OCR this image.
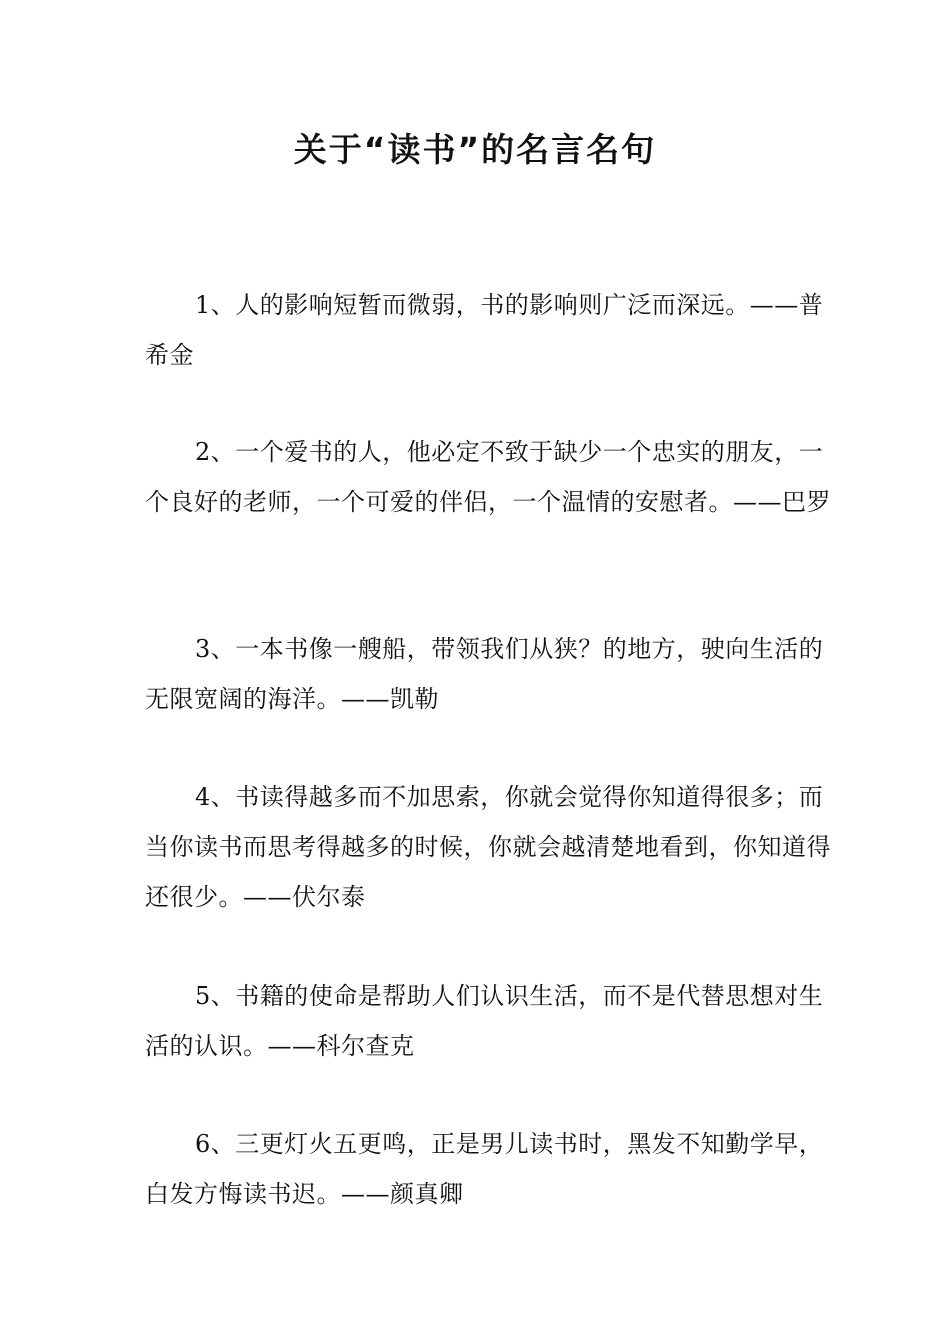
关于“读书”的名言名句

1、人的影响短暂而微弱，书的影响则广泛而深远。——普希金

2、一个爱书的人，他必定不致于缺少一个忠实的朋友，一个良好的老师，一个可爱的伴侣，一个温情的安慰者。——巴罗

3、一本书像一艘船，带领我们从狭？的地方，驶向生活的无限宽阔的海洋。——凯勒

4、书读得越多而不加思索，你就会觉得你知道得很多；而当你读书而思考得越多的时候，你就会越清楚地看到，你知道得还很少。——伏尔泰

5、书籍的使命是帮助人们认识生活，而不是代替思想对生活的认识。——科尔查克

6、三更灯火五更鸣，正是男儿读书时，黑发不知勤学早，白发方悔读书迟。——颜真卿
